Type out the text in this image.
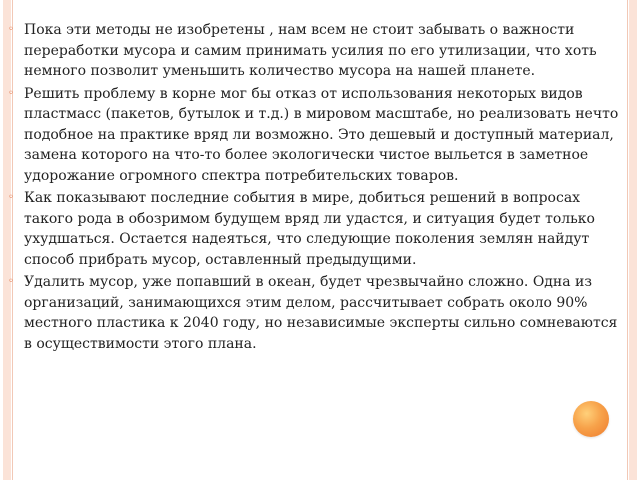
◦ Пока эти методы не изобретены , нам всем не стоит забывать о важности переработки мусора и самим принимать усилия по его утилизации, что хоть немного позволит уменьшить количество мусора на нашей планете.
◦ Решить проблему в корне мог бы отказ от использования некоторых видов пластмасс (пакетов, бутылок и т.д.) в мировом масштабе, но реализовать нечто подобное на практике вряд ли возможно. Это дешевый и доступный материал, замена которого на что-то более экологически чистое выльется в заметное удорожание огромного спектра потребительских товаров.
◦ Как показывают последние события в мире, добиться решений в вопросах такого рода в обозримом будущем вряд ли удастся, и ситуация будет только ухудшаться. Остается надеяться, что следующие поколения землян найдут способ прибрать мусор, оставленный предыдущими.
◦ Удалить мусор, уже попавший в океан, будет чрезвычайно сложно. Одна из организаций, занимающихся этим делом, рассчитывает собрать около 90% местного пластика к 2040 году, но независимые эксперты сильно сомневаются в осуществимости этого плана.
